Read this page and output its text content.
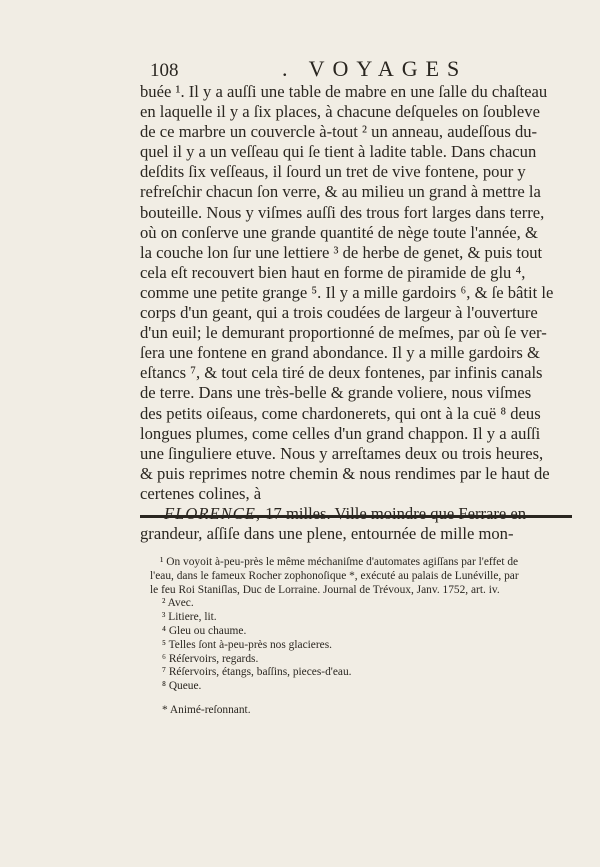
108	. VOYAGES
buée ¹. Il y a auſſi une table de mabre en une ſalle du chaſteau
en laquelle il y a ſix places, à chacune deſqueles on ſoubleve
de ce marbre un couvercle à-tout ² un anneau, audeſſous du-
quel il y a un veſſeau qui ſe tient à ladite table. Dans chacun
deſdits ſix veſſeaus, il ſourd un tret de vive fontene, pour y
refreſchir chacun ſon verre, & au milieu un grand à mettre la
bouteille. Nous y viſmes auſſi des trous fort larges dans terre,
où on conſerve une grande quantité de nège toute l'année, &
la couche lon ſur une lettiere ³ de herbe de genet, & puis tout
cela eſt recouvert bien haut en forme de piramide de glu ⁴,
comme une petite grange ⁵. Il y a mille gardoirs ⁶, & ſe bâtit le
corps d'un geant, qui a trois coudées de largeur à l'ouverture
d'un euil; le demurant proportionné de meſmes, par où ſe ver-
ſera une fontene en grand abondance. Il y a mille gardoirs &
eſtancs ⁷, & tout cela tiré de deux fontenes, par infinis canals
de terre. Dans une très-belle & grande voliere, nous viſmes
des petits oiſeaus, come chardonerets, qui ont à la cuë ⁸ deus
longues plumes, come celles d'un grand chappon. Il y a auſſi
une ſinguliere etuve. Nous y arreſtames deux ou trois heures,
& puis reprimes notre chemin & nous rendimes par le haut de
certenes colines, à
FLORENCE, 17 milles. Ville moindre que Ferrare en
grandeur, aſſiſe dans une plene, entournée de mille mon-
¹ On voyoit à-peu-près le même méchaniſme d'automates agiſſans par l'effet de
l'eau, dans le fameux Rocher zophonoſique *, exécuté au palais de Lunéville, par
le feu Roi Staniſlas, Duc de Lorraine. Journal de Trévoux, Janv. 1752, art. iv.
² Avec.
³ Litiere, lit.
⁴ Gleu ou chaume.
⁵ Telles ſont à-peu-près nos glacieres.
⁶ Réſervoirs, regards.
⁷ Réſervoirs, étangs, baſſins, pieces-d'eau.
⁸ Queue.
* Animé-reſonnant.
